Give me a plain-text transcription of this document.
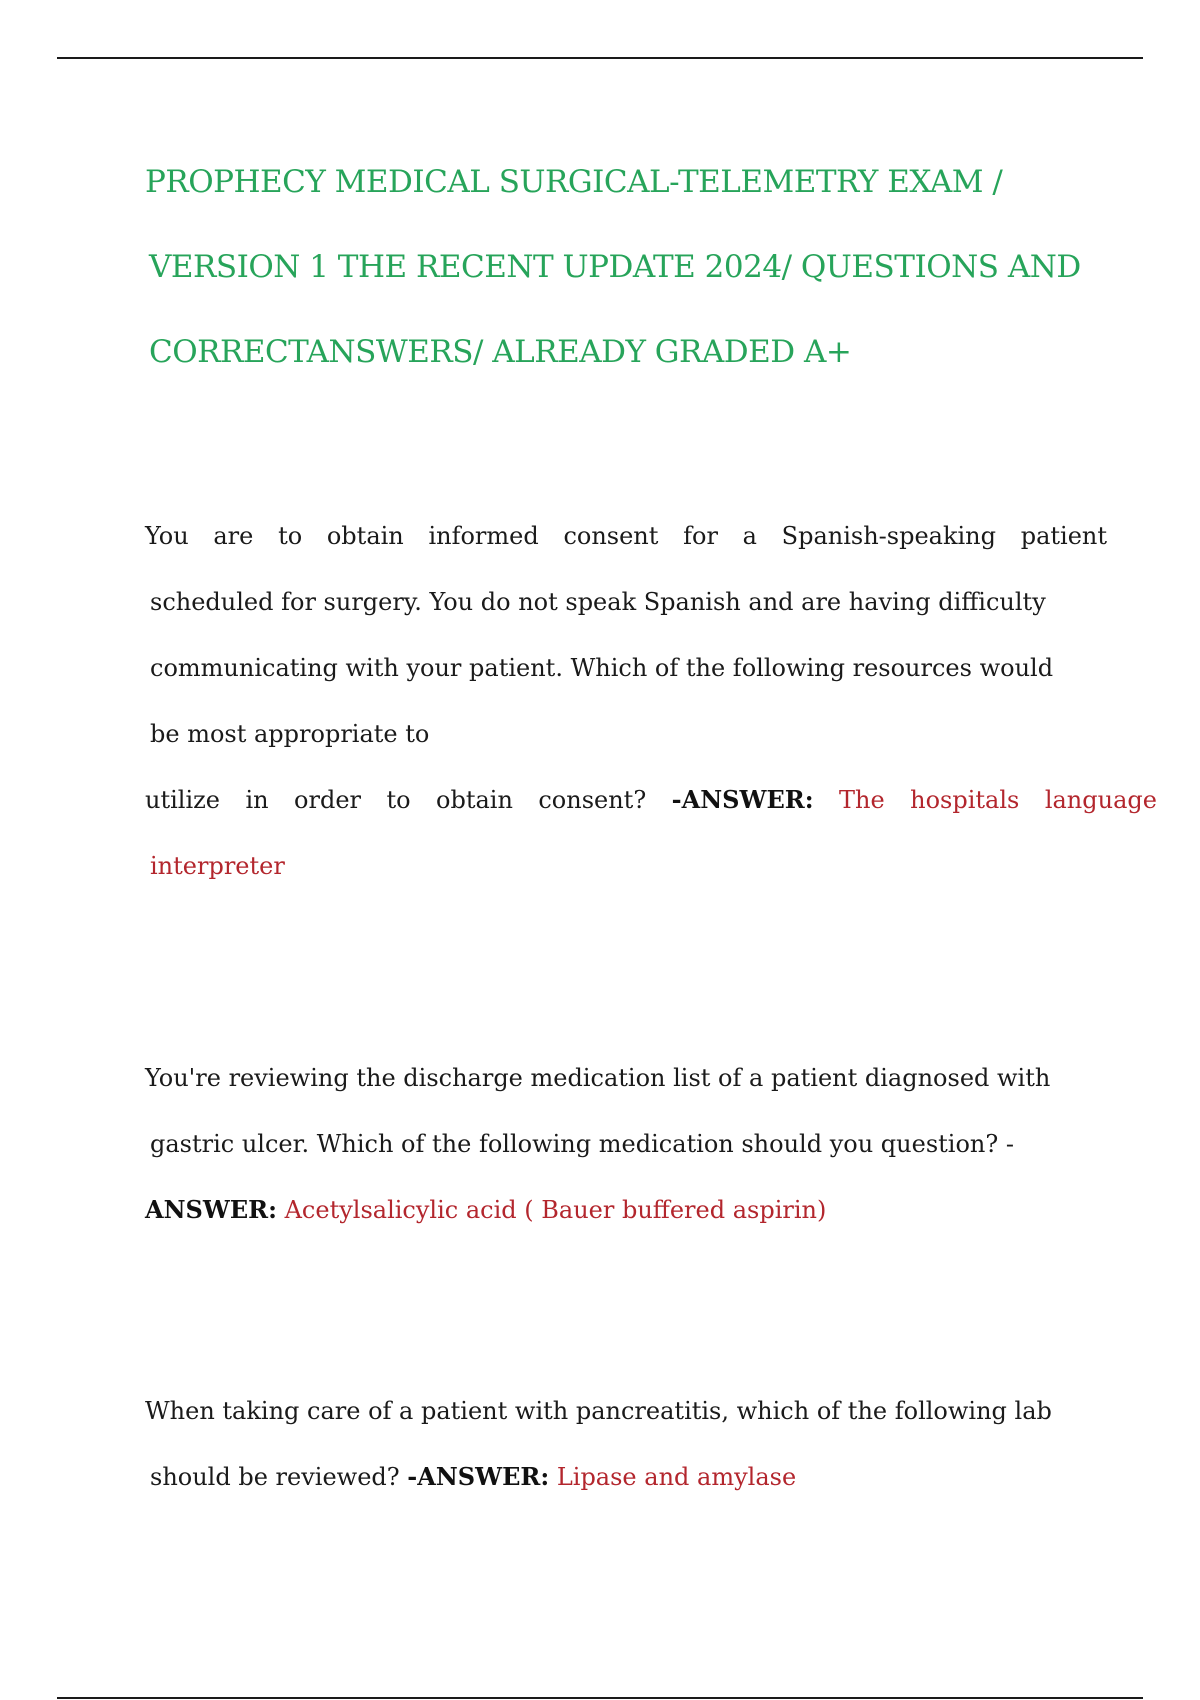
PROPHECY MEDICAL SURGICAL-TELEMETRY EXAM /
VERSION 1 THE RECENT UPDATE 2024/ QUESTIONS AND
CORRECTANSWERS/ ALREADY GRADED A+
You are to obtain informed consent for a Spanish-speaking patient
scheduled for surgery. You do not speak Spanish and are having difficulty
communicating with your patient. Which of the following resources would
be most appropriate to
utilize in order to obtain consent? -ANSWER: The hospitals language
interpreter
You're reviewing the discharge medication list of a patient diagnosed with
gastric ulcer. Which of the following medication should you question? -
ANSWER: Acetylsalicylic acid ( Bauer buffered aspirin)
When taking care of a patient with pancreatitis, which of the following lab
should be reviewed? -ANSWER: Lipase and amylase
